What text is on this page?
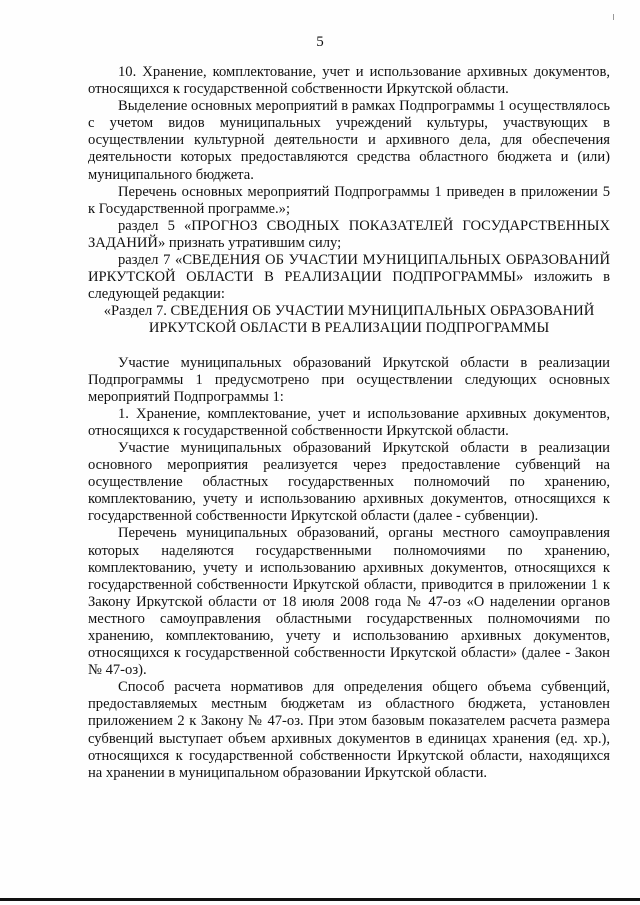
5

10. Хранение, комплектование, учет и использование архивных документов, относящихся к государственной собственности Иркутской области.

Выделение основных мероприятий в рамках Подпрограммы 1 осуществлялось с учетом видов муниципальных учреждений культуры, участвующих в осуществлении культурной деятельности и архивного дела, для обеспечения деятельности которых предоставляются средства областного бюджета и (или) муниципального бюджета.

Перечень основных мероприятий Подпрограммы 1 приведен в приложении 5 к Государственной программе.»;

раздел 5 «ПРОГНОЗ СВОДНЫХ ПОКАЗАТЕЛЕЙ ГОСУДАРСТВЕННЫХ ЗАДАНИЙ» признать утратившим силу;

раздел 7 «СВЕДЕНИЯ ОБ УЧАСТИИ МУНИЦИПАЛЬНЫХ ОБРАЗОВАНИЙ ИРКУТСКОЙ ОБЛАСТИ В РЕАЛИЗАЦИИ ПОДПРОГРАММЫ» изложить в следующей редакции:

«Раздел 7. СВЕДЕНИЯ ОБ УЧАСТИИ МУНИЦИПАЛЬНЫХ ОБРАЗОВАНИЙ ИРКУТСКОЙ ОБЛАСТИ В РЕАЛИЗАЦИИ ПОДПРОГРАММЫ

Участие муниципальных образований Иркутской области в реализации Подпрограммы 1 предусмотрено при осуществлении следующих основных мероприятий Подпрограммы 1:

1. Хранение, комплектование, учет и использование архивных документов, относящихся к государственной собственности Иркутской области.

Участие муниципальных образований Иркутской области в реализации основного мероприятия реализуется через предоставление субвенций на осуществление областных государственных полномочий по хранению, комплектованию, учету и использованию архивных документов, относящихся к государственной собственности Иркутской области (далее - субвенции).

Перечень муниципальных образований, органы местного самоуправления которых наделяются государственными полномочиями по хранению, комплектованию, учету и использованию архивных документов, относящихся к государственной собственности Иркутской области, приводится в приложении 1 к Закону Иркутской области от 18 июля 2008 года № 47-оз «О наделении органов местного самоуправления областными государственных полномочиями по хранению, комплектованию, учету и использованию архивных документов, относящихся к государственной собственности Иркутской области» (далее - Закон № 47-оз).

Способ расчета нормативов для определения общего объема субвенций, предоставляемых местным бюджетам из областного бюджета, установлен приложением 2 к Закону № 47-оз. При этом базовым показателем расчета размера субвенций выступает объем архивных документов в единицах хранения (ед. хр.), относящихся к государственной собственности Иркутской области, находящихся на хранении в муниципальном образовании Иркутской области.
